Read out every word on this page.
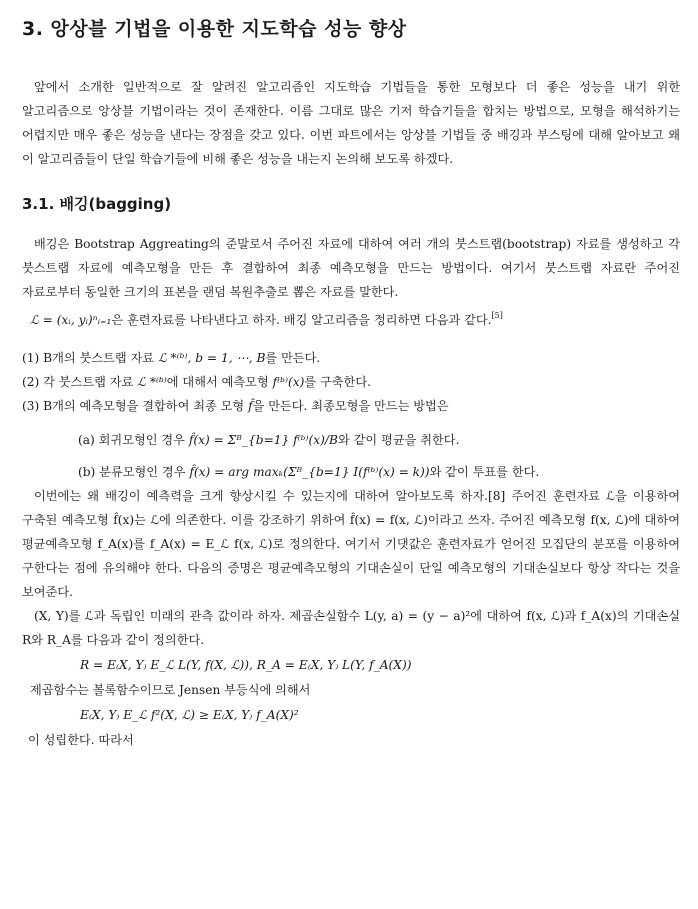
3. 앙상블 기법을 이용한 지도학습 성능 향상

앞에서 소개한 일반적으로 잘 알려진 알고리즘인 지도학습 기법들을 통한 모형보다 더 좋은 성능을 내기 위한 알고리즘으로 앙상블 기법이라는 것이 존재한다. 이름 그대로 많은 기저 학습기들을 합치는 방법으로, 모형을 해석하기는 어렵지만 매우 좋은 성능을 낸다는 장점을 갖고 있다. 이번 파트에서는 앙상블 기법들 중 배깅과 부스팅에 대해 알아보고 왜 이 알고리즘들이 단일 학습기들에 비해 좋은 성능을 내는지 논의해 보도록 하겠다.

3.1. 배깅(bagging)

배깅은 Bootstrap Aggreating의 준말로서 주어진 자료에 대하여 여러 개의 붓스트랩(bootstrap) 자료를 생성하고 각 붓스트랩 자료에 예측모형을 만든 후 결합하여 최종 예측모형을 만드는 방법이다. 여기서 붓스트랩 자료란 주어진 자료로부터 동일한 크기의 표본을 랜덤 복원추출로 뽑은 자료를 말한다.

ℒ = (xᵢ, yᵢ)ⁿᵢ₌₁은 훈련자료를 나타낸다고 하자. 배깅 알고리즘을 정리하면 다음과 같다.[5]

(1) B개의 붓스트랩 자료 ℒ *⁽ᵇ⁾, b = 1, ⋯, B를 만든다.

(2) 각 붓스트랩 자료 ℒ *⁽ᵇ⁾에 대해서 예측모형 f⁽ᵇ⁾(x)를 구축한다.

(3) B개의 예측모형을 결합하여 최종 모형 f̂을 만든다. 최종모형을 만드는 방법은

(a) 회귀모형인 경우 f̂(x) = Σᴮ_{b=1} f⁽ᵇ⁾(x)/B와 같이 평균을 취한다.

(b) 분류모형인 경우 f̂(x) = arg maxₖ(Σᴮ_{b=1} I(f⁽ᵇ⁾(x) = k))와 같이 투표를 한다.

이번에는 왜 배깅이 예측력을 크게 향상시킬 수 있는지에 대하여 알아보도록 하자.[8] 주어진 훈련자료 ℒ을 이용하여 구축된 예측모형 f̂(x)는 ℒ에 의존한다. 이를 강조하기 위하여 f̂(x) = f(x, ℒ)이라고 쓰자. 주어진 예측모형 f(x, ℒ)에 대하여 평균예측모형 f_A(x)를 f_A(x) = E_ℒ f(x, ℒ)로 정의한다. 여기서 기댓값은 훈련자료가 얻어진 모집단의 분포를 이용하여 구한다는 점에 유의해야 한다. 다음의 증명은 평균예측모형의 기대손실이 단일 예측모형의 기대손실보다 항상 작다는 것을 보여준다.

(X, Y)를 ℒ과 독립인 미래의 관측 값이라 하자. 제곱손실함수 L(y, a) = (y − a)²에 대하여 f(x, ℒ)과 f_A(x)의 기대손실 R와 R_A를 다음과 같이 정의한다.

R = E₍X, Y₎ E_ℒ L(Y, f(X, ℒ)), R_A = E₍X, Y₎ L(Y, f_A(X))

제곱함수는 볼록함수이므로 Jensen 부등식에 의해서

E₍X, Y₎ E_ℒ f²(X, ℒ) ≥ E₍X, Y₎ f_A(X)²

이 성립한다. 따라서
